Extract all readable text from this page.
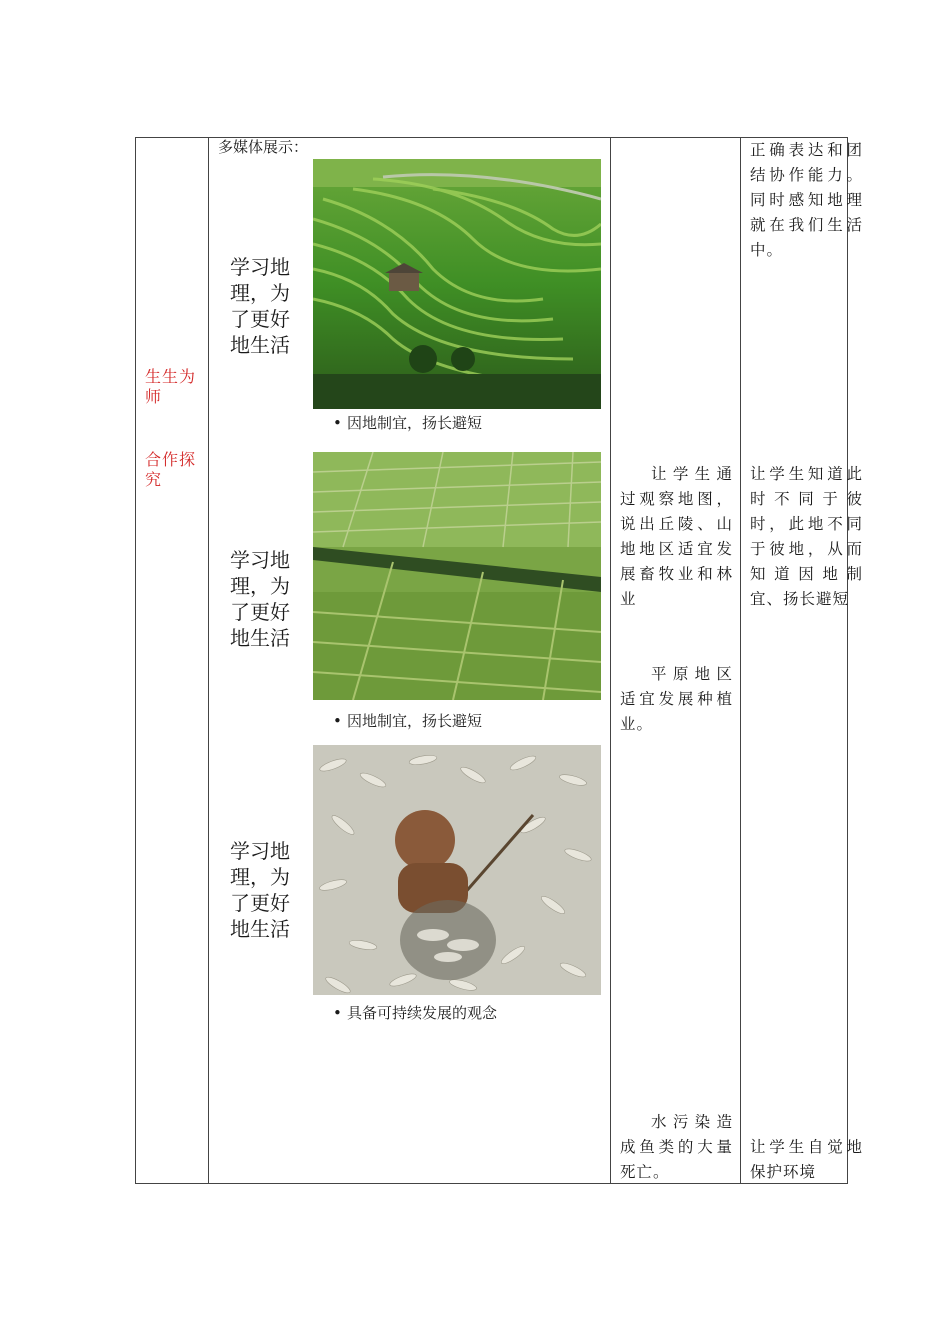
生生为师
合作探究
多媒体展示：
学习地理，为了更好地生活
• 因地制宜，扬长避短
学习地理，为了更好地生活
• 因地制宜，扬长避短
学习地理，为了更好地生活
• 具备可持续发展的观念
让学生通过观察地图，说出丘陵、山地地区适宜发展畜牧业和林业
平原地区适宜发展种植业。
水污染造成鱼类的大量死亡。
正确表达和团结协作能力。同时感知地理就在我们生活中。
让学生知道此时不同于彼时，此地不同于彼地，从而知道因地制宜、扬长避短
让学生自觉地保护环境
